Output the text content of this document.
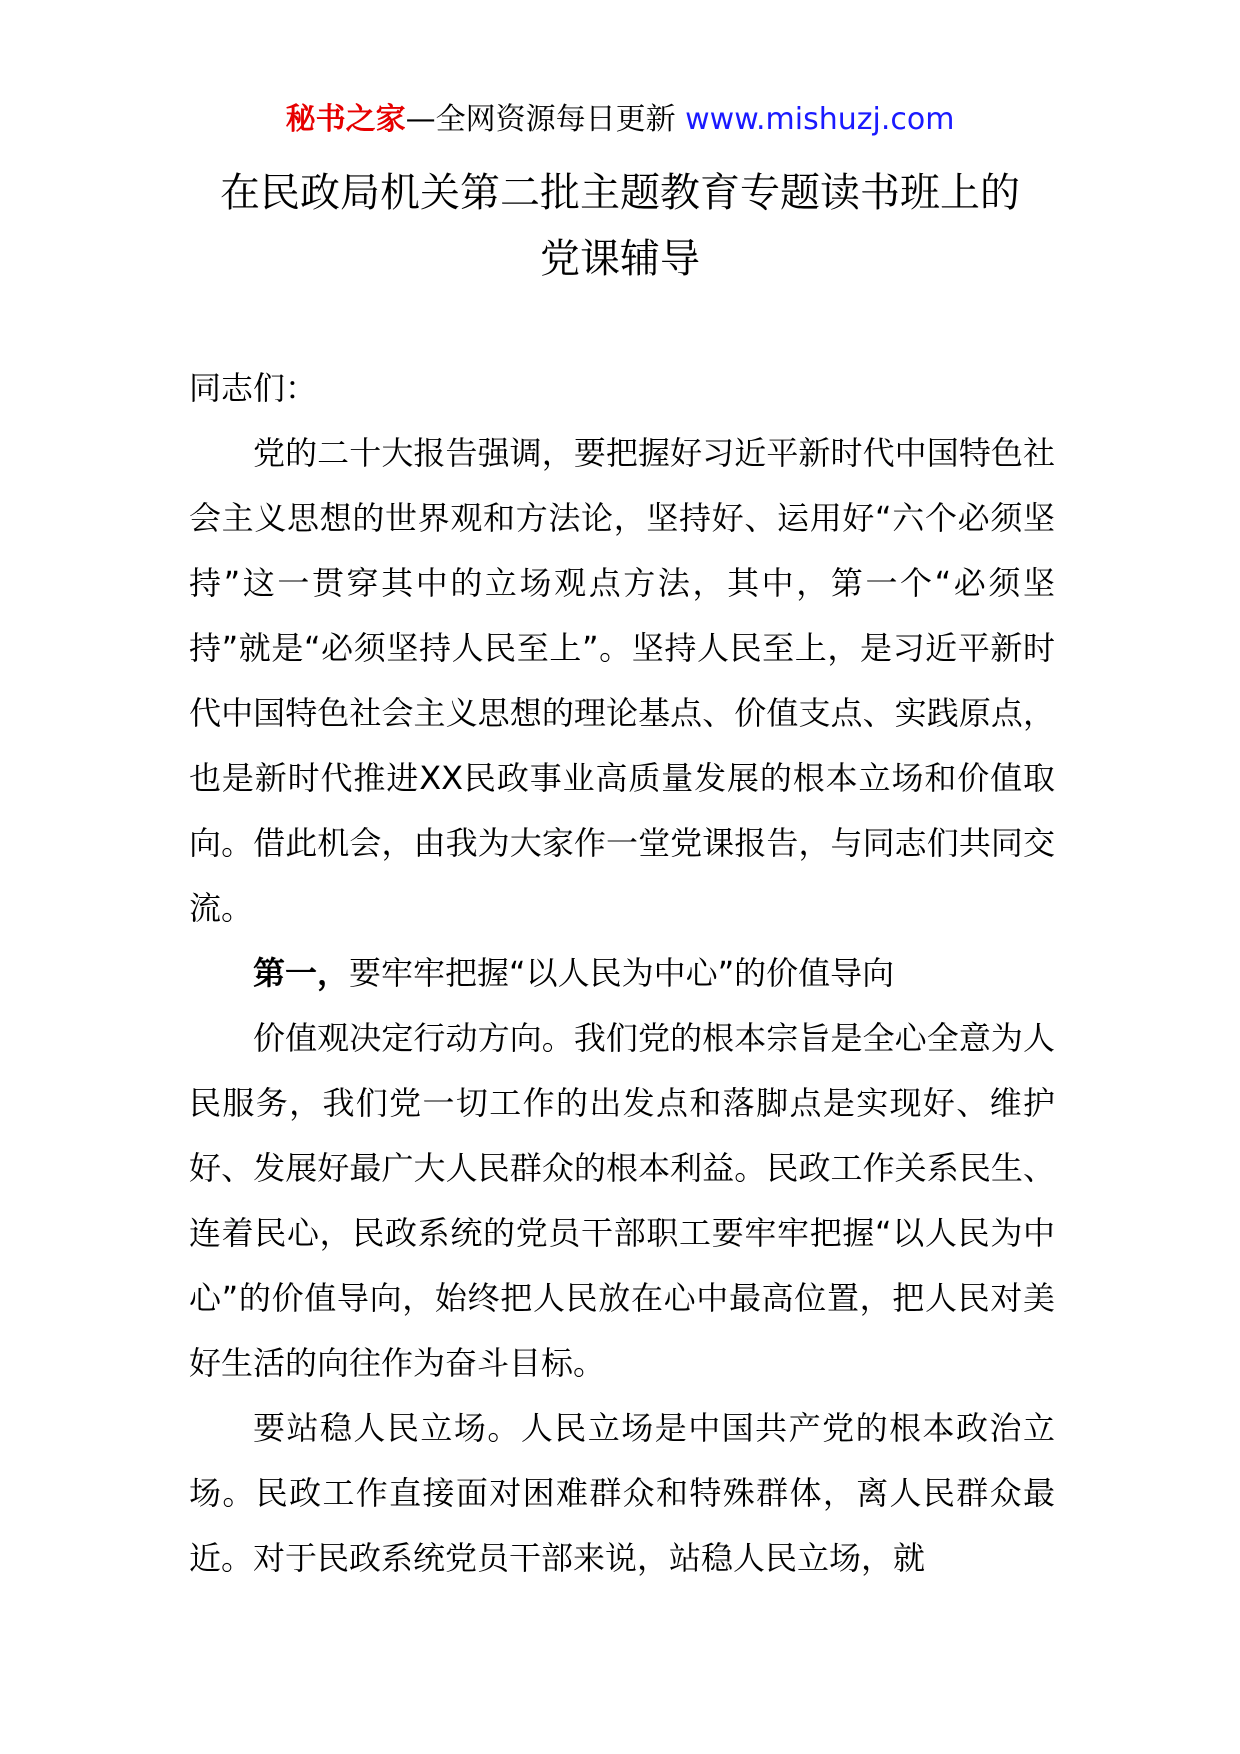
秘书之家—全网资源每日更新 www.mishuzj.com
在民政局机关第二批主题教育专题读书班上的
党课辅导

同志们：

党的二十大报告强调，要把握好习近平新时代中国特色社会主义思想的世界观和方法论，坚持好、运用好“六个必须坚持”这一贯穿其中的立场观点方法，其中，第一个“必须坚持”就是“必须坚持人民至上”。坚持人民至上，是习近平新时代中国特色社会主义思想的理论基点、价值支点、实践原点，也是新时代推进XX民政事业高质量发展的根本立场和价值取向。借此机会，由我为大家作一堂党课报告，与同志们共同交流。

第一，要牢牢把握“以人民为中心”的价值导向

价值观决定行动方向。我们党的根本宗旨是全心全意为人民服务，我们党一切工作的出发点和落脚点是实现好、维护好、发展好最广大人民群众的根本利益。民政工作关系民生、连着民心，民政系统的党员干部职工要牢牢把握“以人民为中心”的价值导向，始终把人民放在心中最高位置，把人民对美好生活的向往作为奋斗目标。

要站稳人民立场。人民立场是中国共产党的根本政治立场。民政工作直接面对困难群众和特殊群体，离人民群众最近。对于民政系统党员干部来说，站稳人民立场，就
